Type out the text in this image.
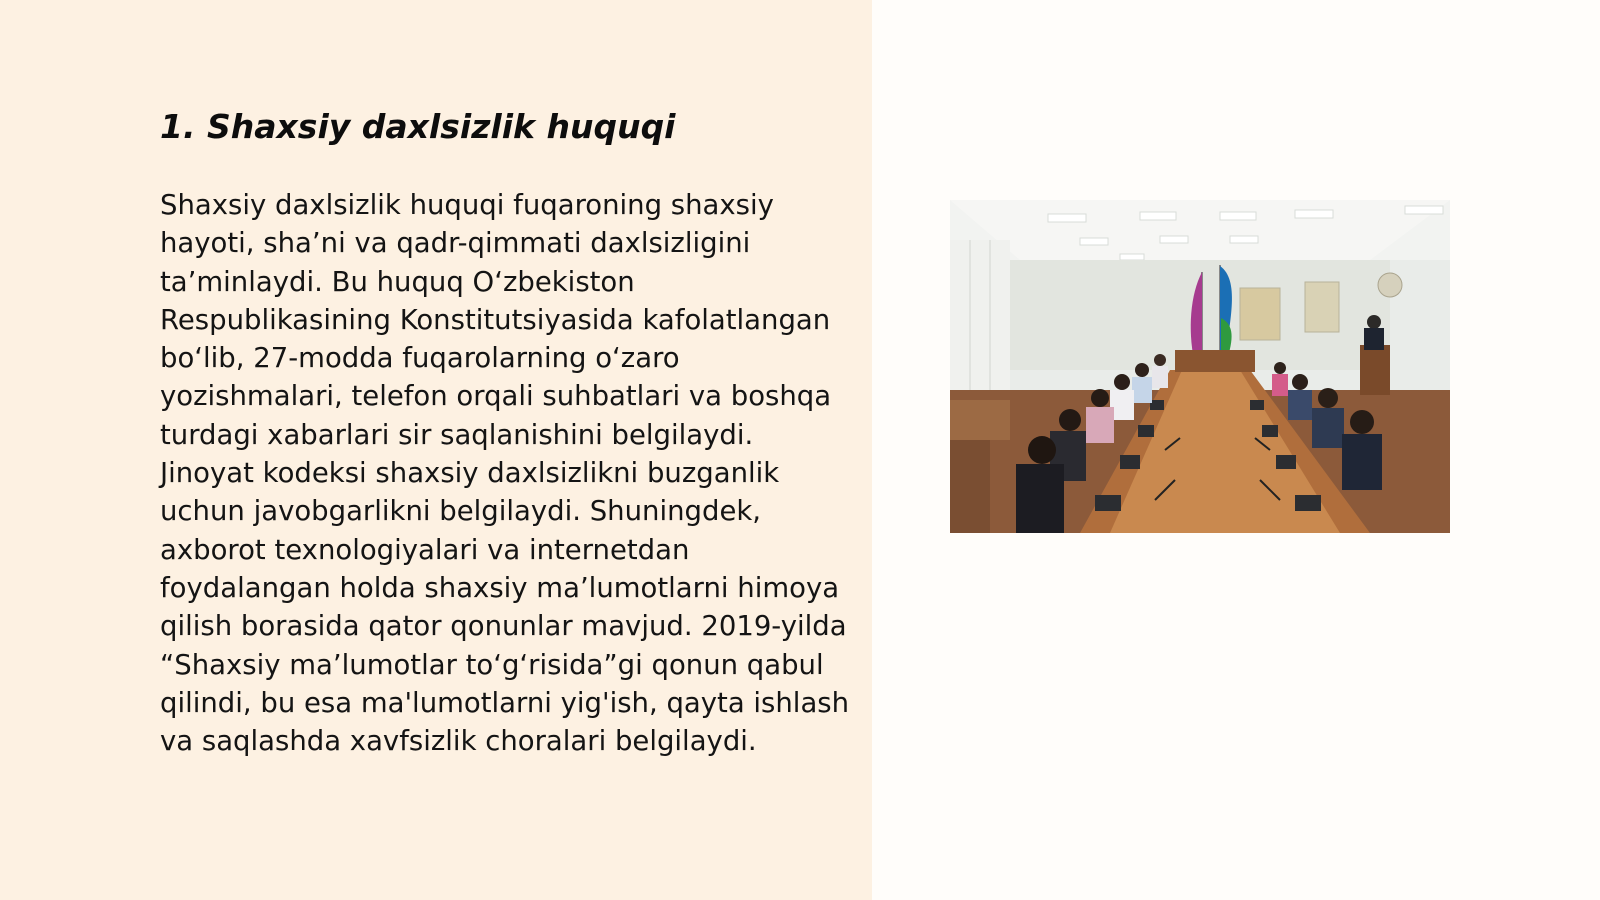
1. Shaxsiy daxlsizlik huquqi

Shaxsiy daxlsizlik huquqi fuqaroning shaxsiy hayoti, sha’ni va qadr-qimmati daxlsizligini ta’minlaydi. Bu huquq O‘zbekiston Respublikasining Konstitutsiyasida kafolatlangan bo‘lib, 27-modda fuqarolarning o‘zaro yozishmalari, telefon orqali suhbatlari va boshqa turdagi xabarlari sir saqlanishini belgilaydi. Jinoyat kodeksi shaxsiy daxlsizlikni buzganlik uchun javobgarlikni belgilaydi. Shuningdek, axborot texnologiyalari va internetdan foydalangan holda shaxsiy ma’lumotlarni himoya qilish borasida qator qonunlar mavjud. 2019-yilda “Shaxsiy ma’lumotlar to‘g‘risida”gi qonun qabul qilindi, bu esa ma'lumotlarni yig'ish, qayta ishlash va saqlashda xavfsizlik choralari belgilaydi.
